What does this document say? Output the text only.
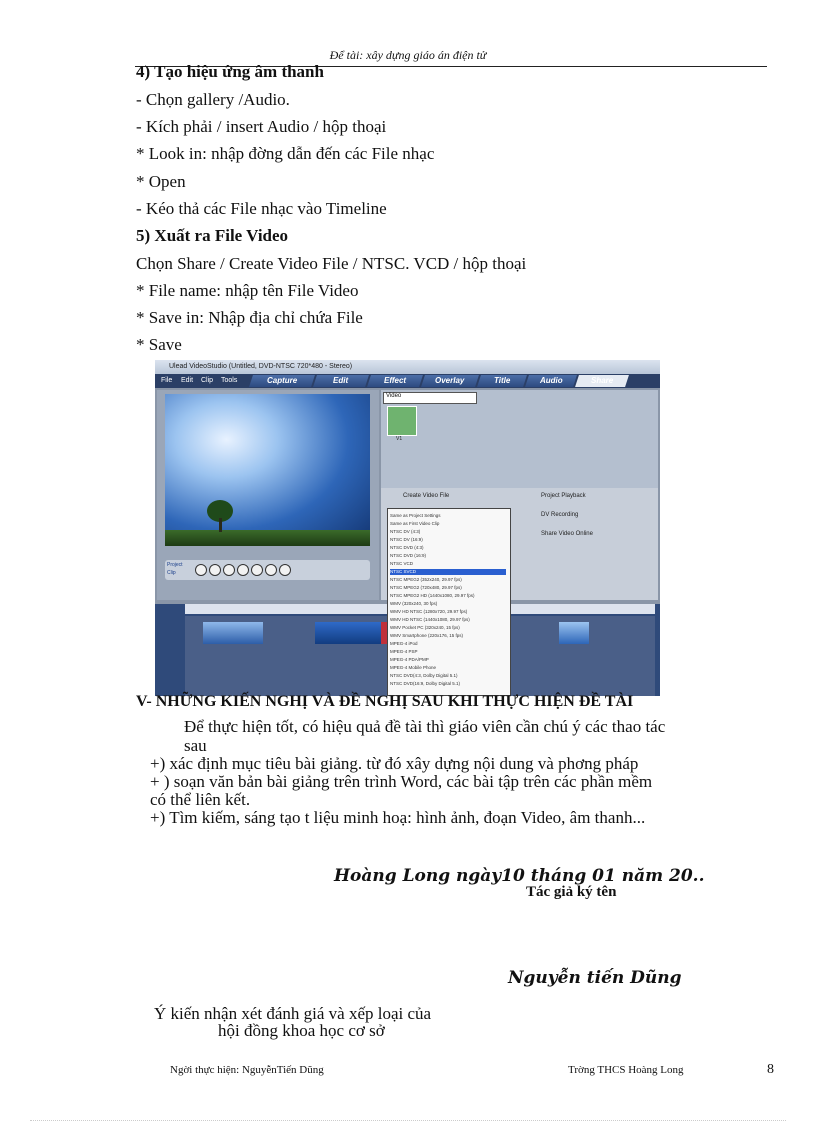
Để tài: xây dựng giáo án điện tử
4) Tạo hiệu ứng âm thanh
- Chọn gallery /Audio.
- Kích phải / insert Audio / hộp thoại
* Look in: nhập đờng dẫn đến các File nhạc
* Open
- Kéo thả các File nhạc vào Timeline
5) Xuất ra File Video
Chọn Share / Create Video File / NTSC. VCD / hộp thoại
* File name: nhập tên File Video
* Save in: Nhập địa chỉ chứa File
* Save
Ulead VideoStudio (Untitled, DVD-NTSC 720*480 - Stereo)
File Edit Clip Tools	Capture	Edit	Effect	Overlay	Title	Audio	Share
Project
Clip
Video
V1
Create Video File	Project Playback
DV Recording
Share Video Online
Same as Project Settings
Same as First Video Clip
NTSC DV (4:3)
NTSC DV (16:9)
NTSC DVD (4:3)
NTSC DVD (16:9)
NTSC VCD
NTSC SVCD
NTSC MPEG2 (352x240, 29.97 fps)
NTSC MPEG2 (720x480, 29.97 fps)
NTSC MPEG2 HD (1440x1080, 29.97 fps)
WMV (320x240, 30 fps)
WMV HD NTSC (1280x720, 29.97 fps)
WMV HD NTSC (1440x1080, 29.97 fps)
WMV Pocket PC (320x240, 15 fps)
WMV Smartphone (220x176, 15 fps)
MPEG-4 iPod
MPEG-4 PSP
MPEG-4 PDA/PMP
MPEG-4 Mobile Phone
NTSC DVD(4:3, Dolby Digital 5.1)
NTSC DVD(16:9, Dolby Digital 5.1)
V- NHỮNG KIẾN NGHỊ VÀ ĐỀ NGHỊ SAU KHI THỰC HIỆN ĐỀ TÀI
Để thực hiện tốt, có hiệu quả đề tài thì giáo viên cần chú ý các thao tác
sau
+) xác định mục tiêu bài giảng. từ đó xây dựng nội dung và phơng pháp
+ ) soạn văn bản bài giảng trên trình Word, các bài tập trên các phần mềm
có thể liên kết.
+) Tìm kiếm, sáng tạo t liệu minh hoạ: hình ảnh, đoạn Video, âm thanh...
Hoàng Long ngày10 tháng 01 năm 20..
Tác giả ký tên
Nguyễn tiến Dũng
Ý kiến nhận xét đánh giá và xếp loại của
hội đồng khoa học cơ sở
Ngời thực hiện: NguyễnTiến Dũng	Trờng THCS Hoàng Long	8
